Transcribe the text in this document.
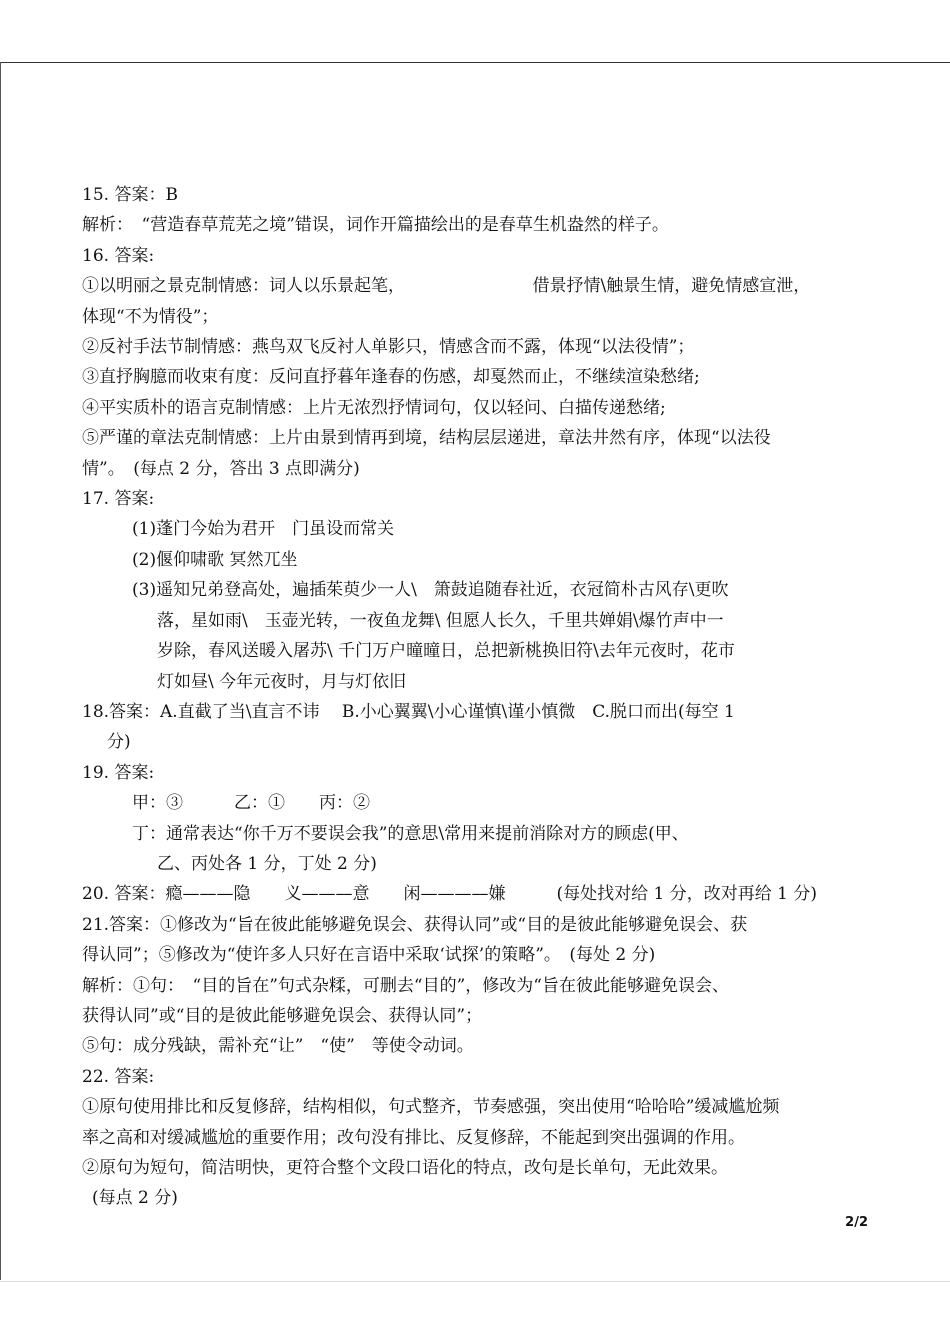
15. 答案：B
解析：　“营造春草荒芜之境”错误，词作开篇描绘出的是春草生机盎然的样子。
16. 答案:
①以明丽之景克制情感：词人以乐景起笔，　　　　　　　　借景抒情\触景生情，避免情感宣泄，
体现“不为情役”；
②反衬手法节制情感：燕鸟双飞反衬人单影只，情感含而不露，体现“以法役情”；
③直抒胸臆而收束有度：反问直抒暮年逢春的伤感，却戛然而止，不继续渲染愁绪;
④平实质朴的语言克制情感：上片无浓烈抒情词句，仅以轻问、白描传递愁绪;
⑤严谨的章法克制情感：上片由景到情再到境，结构层层递进，章法井然有序，体现“以法役
情”。　(每点 2 分，答出 3 点即满分)
17. 答案:
(1)蓬门今始为君开　门虽设而常关
(2)偃仰啸歌 冥然兀坐
(3)遥知兄弟登高处，遍插茱萸少一人\　箫鼓追随春社近，衣冠简朴古风存\更吹
落，星如雨\　玉壶光转，一夜鱼龙舞\ 但愿人长久，千里共婵娟\爆竹声中一
岁除，春风送暖入屠苏\ 千门万户曈曈日，总把新桃换旧符\去年元夜时，花市
灯如昼\ 今年元夜时，月与灯依旧
18.答案：A.直截了当\直言不讳　 B.小心翼翼\小心谨慎\谨小慎微　C.脱口而出(每空 1
分)
19. 答案:
甲：③　　　乙：①　　丙：②
丁：通常表达“你千万不要误会我”的意思\常用来提前消除对方的顾虑(甲、
乙、丙处各 1 分，丁处 2 分)
20. 答案：瘾———隐　　义———意　　闲————嫌　　　(每处找对给 1 分，改对再给 1 分)
21.答案：①修改为“旨在彼此能够避免误会、获得认同”或“目的是彼此能够避免误会、获
得认同”；⑤修改为“使许多人只好在言语中采取‘试探’的策略”。　(每处 2 分)
解析：①句：　“目的旨在”句式杂糅，可删去“目的”，修改为“旨在彼此能够避免误会、
获得认同”或“目的是彼此能够避免误会、获得认同”；
⑤句：成分残缺，需补充“让”　“使”　等使令动词。
22. 答案:
①原句使用排比和反复修辞，结构相似，句式整齐，节奏感强，突出使用“哈哈哈”缓减尴尬频
率之高和对缓减尴尬的重要作用；改句没有排比、反复修辞，不能起到突出强调的作用。
②原句为短句，简洁明快，更符合整个文段口语化的特点，改句是长单句，无此效果。
(每点 2 分)
2/2
